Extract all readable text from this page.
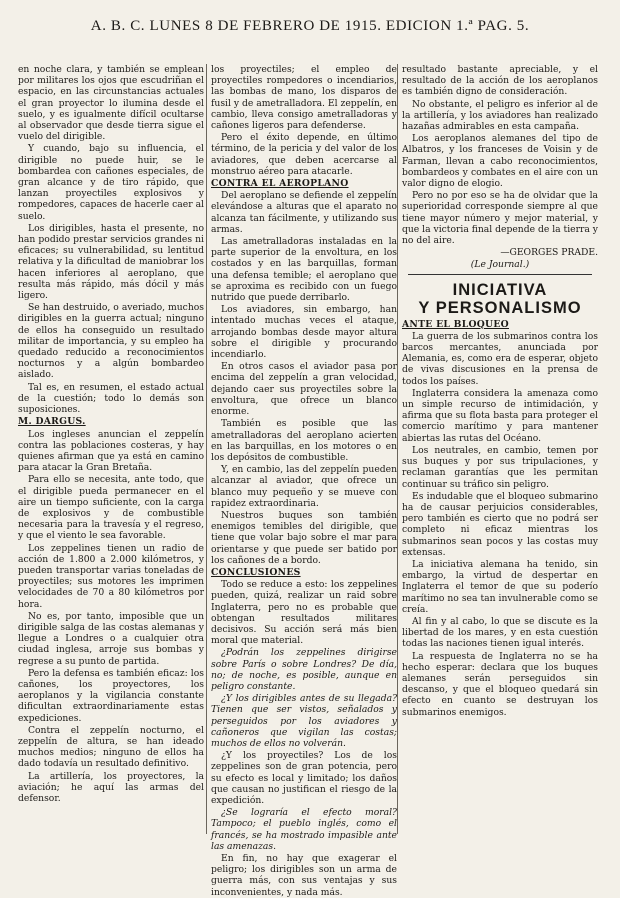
A. B. C. LUNES 8 DE FEBRERO DE 1915. EDICION 1.ª PAG. 5.

en noche clara, y también se emplean por militares los ojos que escudriñan el espacio, en las circunstancias actuales el gran proyector lo ilumina desde el suelo, y es igualmente difícil ocultarse al observador que desde tierra sigue el vuelo del dirigible.

Y cuando, bajo su influencia, el dirigible no puede huir, se le bombardea con cañones especiales, de gran alcance y de tiro rápido, que lanzan proyectiles explosivos y rompedores, capaces de hacerle caer al suelo.

Los dirigibles, hasta el presente, no han podido prestar servicios grandes ni eficaces; su vulnerabilidad, su lentitud relativa y la dificultad de maniobrar los hacen inferiores al aeroplano, que resulta más rápido, más dócil y más ligero.

Se han destruido, o averiado, muchos dirigibles en la guerra actual; ninguno de ellos ha conseguido un resultado militar de importancia, y su empleo ha quedado reducido a reconocimientos nocturnos y a algún bombardeo aislado.

Tal es, en resumen, el estado actual de la cuestión; todo lo demás son suposiciones.

M. DARGUS.

Los ingleses anuncian el zeppelín contra las poblaciones costeras, y hay quienes afirman que ya está en camino para atacar la Gran Bretaña.

Para ello se necesita, ante todo, que el dirigible pueda permanecer en el aire un tiempo suficiente, con la carga de explosivos y de combustible necesaria para la travesía y el regreso, y que el viento le sea favorable.

Los zeppelines tienen un radio de acción de 1.800 a 2.000 kilómetros, y pueden transportar varias toneladas de proyectiles; sus motores les imprimen velocidades de 70 a 80 kilómetros por hora.

No es, por tanto, imposible que un dirigible salga de las costas alemanas y llegue a Londres o a cualquier otra ciudad inglesa, arroje sus bombas y regrese a su punto de partida.

Pero la defensa es también eficaz: los cañones, los proyectores, los aeroplanos y la vigilancia constante dificultan extraordinariamente estas expediciones.

Contra el zeppelín nocturno, el zeppelín de altura, se han ideado muchos medios; ninguno de ellos ha dado todavía un resultado definitivo.

La artillería, los proyectores, la aviación; he aquí las armas del defensor.

los proyectiles; el empleo de proyectiles rompedores o incendiarios, las bombas de mano, los disparos de fusil y de ametralladora. El zeppelín, en cambio, lleva consigo ametralladoras y cañones ligeros para defenderse.

Pero el éxito depende, en último término, de la pericia y del valor de los aviadores, que deben acercarse al monstruo aéreo para atacarle.

CONTRA EL AEROPLANO

Del aeroplano se defiende el zeppelín elevándose a alturas que el aparato no alcanza tan fácilmente, y utilizando sus armas.

Las ametralladoras instaladas en la parte superior de la envoltura, en los costados y en las barquillas, forman una defensa temible; el aeroplano que se aproxima es recibido con un fuego nutrido que puede derribarlo.

Los aviadores, sin embargo, han intentado muchas veces el ataque, arrojando bombas desde mayor altura sobre el dirigible y procurando incendiarlo.

En otros casos el aviador pasa por encima del zeppelín a gran velocidad, dejando caer sus proyectiles sobre la envoltura, que ofrece un blanco enorme.

También es posible que las ametralladoras del aeroplano acierten en las barquillas, en los motores o en los depósitos de combustible.

Y, en cambio, las del zeppelín pueden alcanzar al aviador, que ofrece un blanco muy pequeño y se mueve con rapidez extraordinaria.

Nuestros buques son también enemigos temibles del dirigible, que tiene que volar bajo sobre el mar para orientarse y que puede ser batido por los cañones de a bordo.

CONCLUSIONES

Todo se reduce a esto: los zeppelines pueden, quizá, realizar un raid sobre Inglaterra, pero no es probable que obtengan resultados militares decisivos. Su acción será más bien moral que material.

¿Podrán los zeppelines dirigirse sobre París o sobre Londres? De día, no; de noche, es posible, aunque en peligro constante.

¿Y los dirigibles antes de su llegada? Tienen que ser vistos, señalados y perseguidos por los aviadores y cañoneros que vigilan las costas; muchos de ellos no volverán.

¿Y los proyectiles? Los de los zeppelines son de gran potencia, pero su efecto es local y limitado; los daños que causan no justifican el riesgo de la expedición.

¿Se lograría el efecto moral? Tampoco; el pueblo inglés, como el francés, se ha mostrado impasible ante las amenazas.

En fin, no hay que exagerar el peligro; los dirigibles son un arma de guerra más, con sus ventajas y sus inconvenientes, y nada más.

resultado bastante apreciable, y el resultado de la acción de los aeroplanos es también digno de consideración.

No obstante, el peligro es inferior al de la artillería, y los aviadores han realizado hazañas admirables en esta campaña.

Los aeroplanos alemanes del tipo de Albatros, y los franceses de Voisin y de Farman, llevan a cabo reconocimientos, bombardeos y combates en el aire con un valor digno de elogio.

Pero no por eso se ha de olvidar que la superioridad corresponde siempre al que tiene mayor número y mejor material, y que la victoria final depende de la tierra y no del aire.

—GEORGES PRADE.

(Le Journal.)

INICIATIVA
Y PERSONALISMO

ANTE EL BLOQUEO

La guerra de los submarinos contra los barcos mercantes, anunciada por Alemania, es, como era de esperar, objeto de vivas discusiones en la prensa de todos los países.

Inglaterra considera la amenaza como un simple recurso de intimidación, y afirma que su flota basta para proteger el comercio marítimo y para mantener abiertas las rutas del Océano.

Los neutrales, en cambio, temen por sus buques y por sus tripulaciones, y reclaman garantías que les permitan continuar su tráfico sin peligro.

Es indudable que el bloqueo submarino ha de causar perjuicios considerables, pero también es cierto que no podrá ser completo ni eficaz mientras los submarinos sean pocos y las costas muy extensas.

La iniciativa alemana ha tenido, sin embargo, la virtud de despertar en Inglaterra el temor de que su poderío marítimo no sea tan invulnerable como se creía.

Al fin y al cabo, lo que se discute es la libertad de los mares, y en esta cuestión todas las naciones tienen igual interés.

La respuesta de Inglaterra no se ha hecho esperar: declara que los buques alemanes serán perseguidos sin descanso, y que el bloqueo quedará sin efecto en cuanto se destruyan los submarinos enemigos.
